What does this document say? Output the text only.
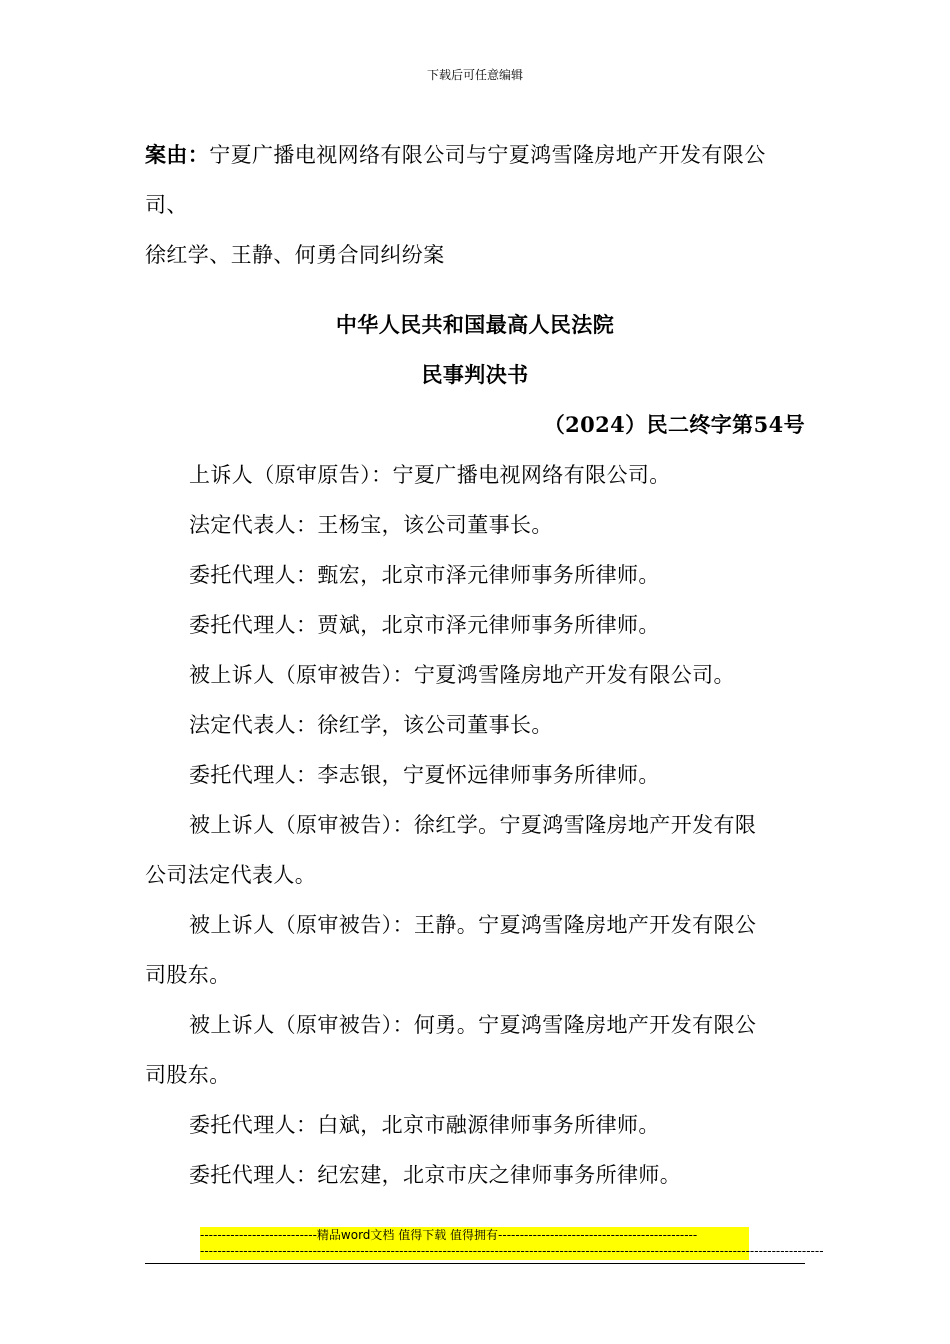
下载后可任意编辑
案由：宁夏广播电视网络有限公司与宁夏鸿雪隆房地产开发有限公
司、
徐红学、王静、何勇合同纠纷案
中华人民共和国最高人民法院
民事判决书
（2024）民二终字第54号
上诉人（原审原告）：宁夏广播电视网络有限公司。
法定代表人：王杨宝，该公司董事长。
委托代理人：甄宏，北京市泽元律师事务所律师。
委托代理人：贾斌，北京市泽元律师事务所律师。
被上诉人（原审被告）：宁夏鸿雪隆房地产开发有限公司。
法定代表人：徐红学，该公司董事长。
委托代理人：李志银，宁夏怀远律师事务所律师。
被上诉人（原审被告）：徐红学。宁夏鸿雪隆房地产开发有限
公司法定代表人。
被上诉人（原审被告）：王静。宁夏鸿雪隆房地产开发有限公
司股东。
被上诉人（原审被告）：何勇。宁夏鸿雪隆房地产开发有限公
司股东。
委托代理人：白斌，北京市融源律师事务所律师。
委托代理人：纪宏建，北京市庆之律师事务所律师。
---------------------------精品word文档 值得下载 值得拥有----------------------------------------------
------------------------------------------------------------------------------------------------------------------------------------------------
